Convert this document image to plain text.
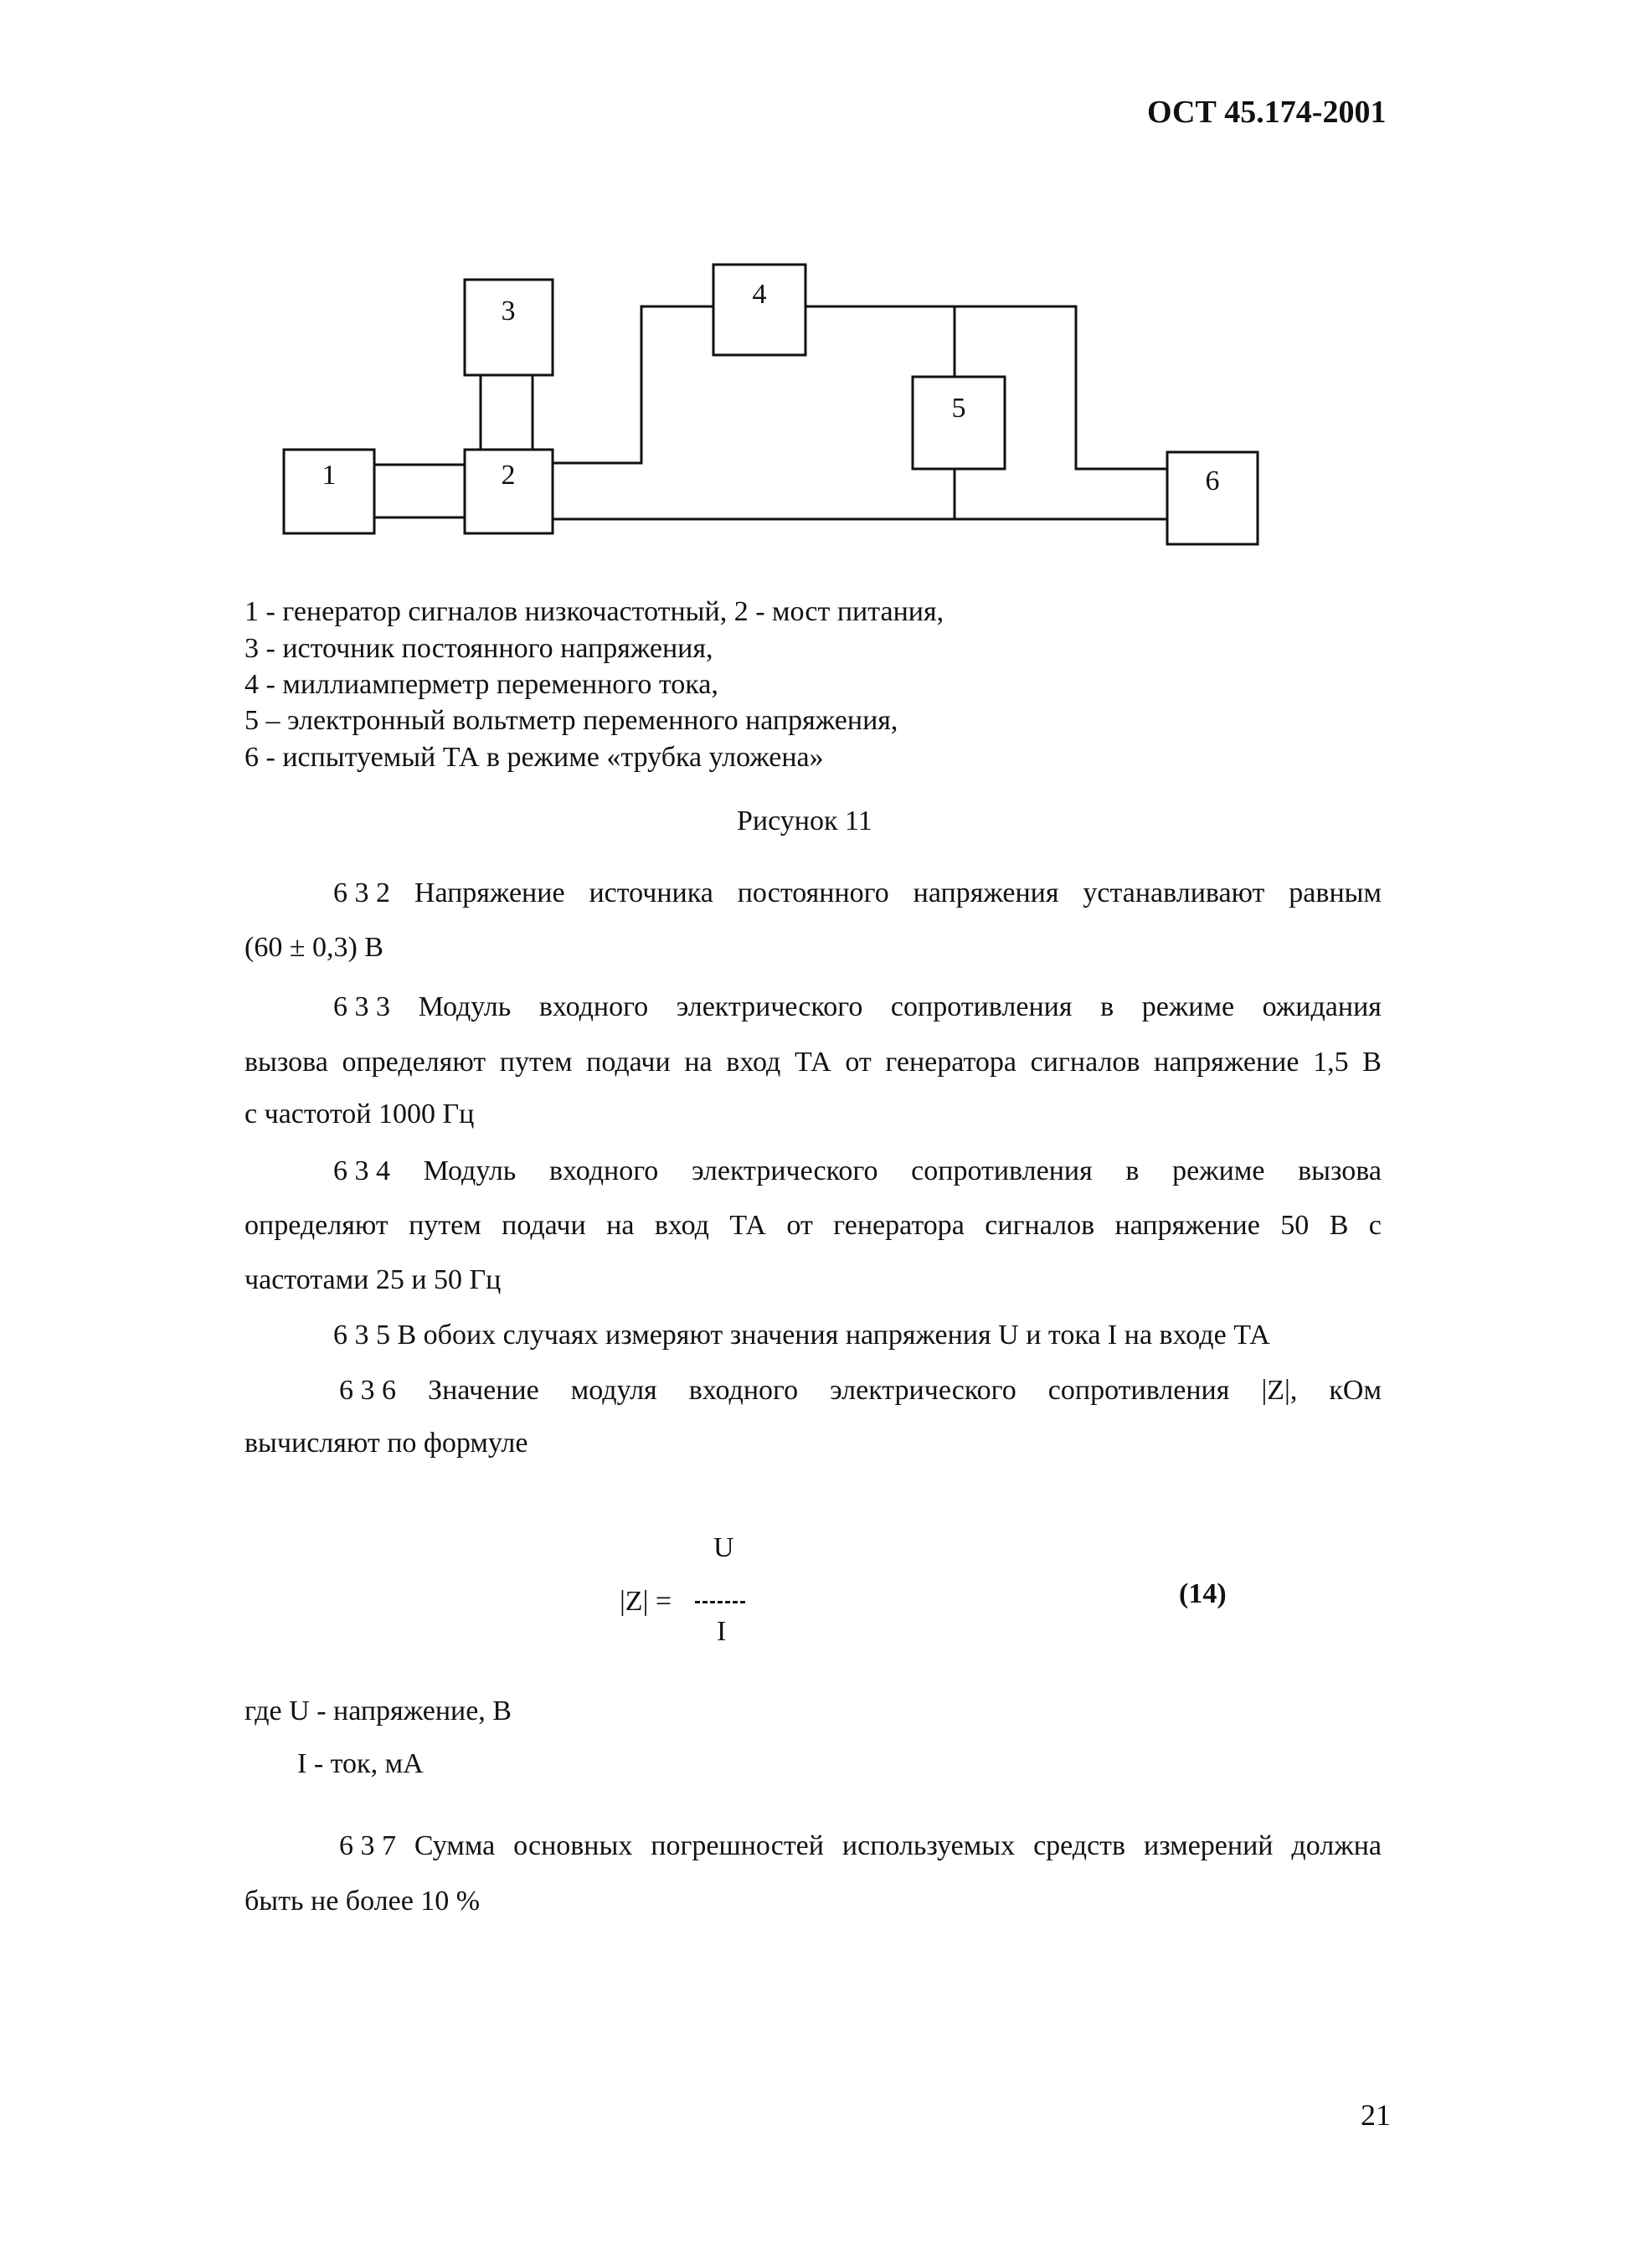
ОСТ 45.174-2001
1	2
3
4
5
6
1 - генератор сигналов низкочастотный, 2 - мост питания,
3 - источник постоянного напряжения,
4 - миллиамперметр переменного тока,
5 – электронный вольтметр переменного напряжения,
6 - испытуемый ТА в режиме «трубка уложена»
Рисунок 11
6 3 2 Напряжение источника постоянного напряжения устанавливают равным
(60 ± 0,3) В
6 3 3 Модуль входного электрического сопротивления в режиме ожидания
вызова определяют путем подачи на вход ТА от генератора сигналов напряжение 1,5 В
с частотой 1000 Гц
6 3 4 Модуль входного электрического сопротивления в режиме вызова
определяют путем подачи на вход ТА от генератора сигналов напряжение 50 В с
частотами 25 и 50 Гц
6 3 5 В обоих случаях измеряют значения напряжения U и тока I на входе ТА
6 3 6 Значение модуля входного электрического сопротивления |Z|, кОм
вычисляют по формуле
|Z| =
U
I
(14)
где U - напряжение, В
I - ток, мА
6 3 7 Сумма основных погрешностей используемых средств измерений должна
быть не более 10 %
21
